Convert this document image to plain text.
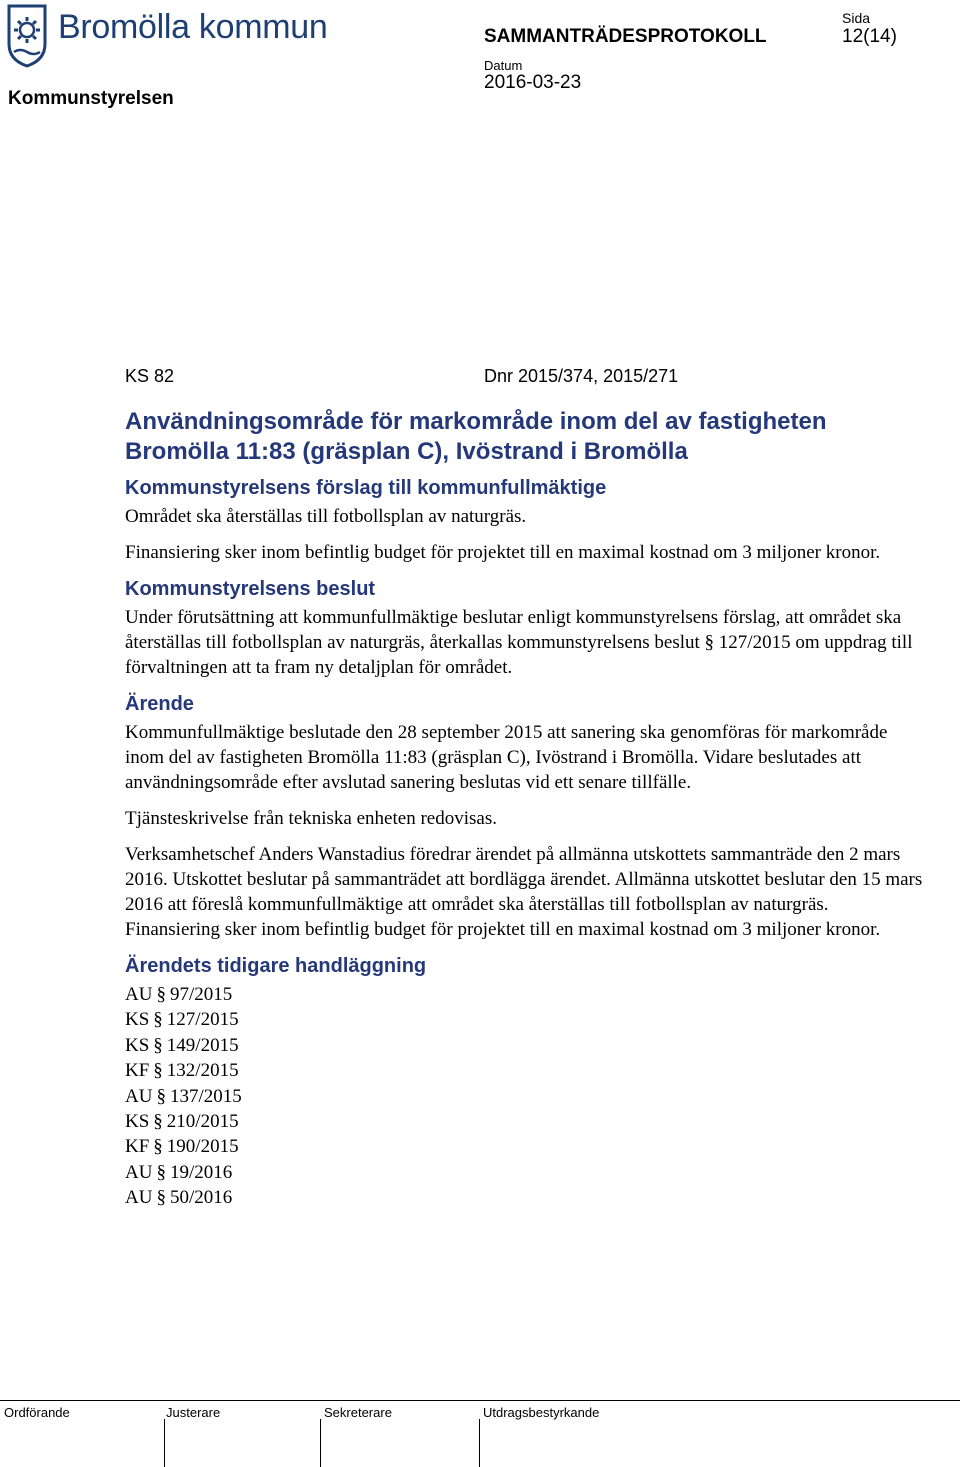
Bromölla kommun
Kommunstyrelsen
SAMMANTRÄDESPROTOKOLL
Datum
2016-03-23
Sida
12(14)
KS 82	Dnr 2015/374, 2015/271
Användningsområde för markområde inom del av fastigheten Bromölla 11:83 (gräsplan C), Ivöstrand i Bromölla
Kommunstyrelsens förslag till kommunfullmäktige

Området ska återställas till fotbollsplan av naturgräs.

Finansiering sker inom befintlig budget för projektet till en maximal kostnad om 3 miljoner kronor.

Kommunstyrelsens beslut

Under förutsättning att kommunfullmäktige beslutar enligt kommunstyrelsens förslag, att området ska återställas till fotbollsplan av naturgräs, återkallas kommunstyrelsens beslut § 127/2015 om uppdrag till förvaltningen att ta fram ny detaljplan för området.

Ärende

Kommunfullmäktige beslutade den 28 september 2015 att sanering ska genomföras för markområde inom del av fastigheten Bromölla 11:83 (gräsplan C), Ivöstrand i Bromölla. Vidare beslutades att användningsområde efter avslutad sanering beslutas vid ett senare tillfälle.

Tjänsteskrivelse från tekniska enheten redovisas.

Verksamhetschef Anders Wanstadius föredrar ärendet på allmänna utskottets sammanträde den 2 mars 2016. Utskottet beslutar på sammanträdet att bordlägga ärendet. Allmänna utskottet beslutar den 15 mars 2016 att föreslå kommunfullmäktige att området ska återställas till fotbollsplan av naturgräs. Finansiering sker inom befintlig budget för projektet till en maximal kostnad om 3 miljoner kronor.

Ärendets tidigare handläggning
AU § 97/2015
KS § 127/2015
KS § 149/2015
KF § 132/2015
AU § 137/2015
KS § 210/2015
KF § 190/2015
AU § 19/2016
AU § 50/2016
Ordförande	Justerare	Sekreterare	Utdragsbestyrkande
